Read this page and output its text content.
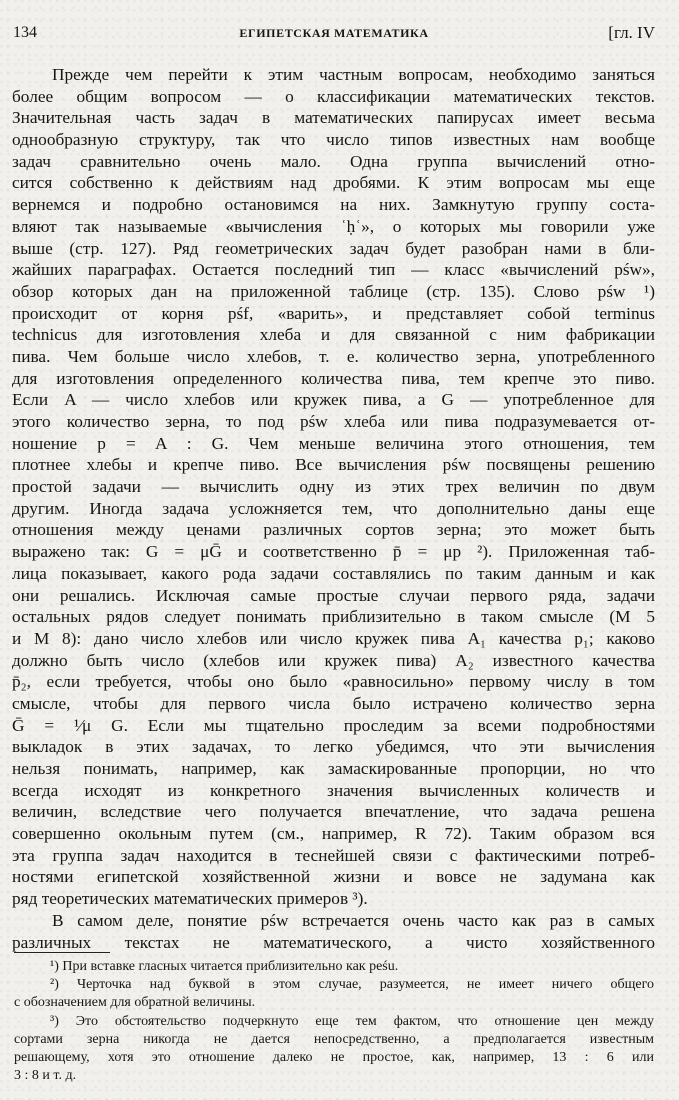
134	ЕГИПЕТСКАЯ МАТЕМАТИКА	[гл. IV
Прежде чем перейти к этим частным вопросам, необходимо заняться
более общим вопросом — о классификации математических текстов.
Значительная часть задач в математических папирусах имеет весьма
однообразную структуру, так что число типов известных нам вообще
задач сравнительно очень мало. Одна группа вычислений отно-
сится собственно к действиям над дробями. К этим вопросам мы еще
вернемся и подробно остановимся на них. Замкнутую группу соста-
вляют так называемые «вычисления ʿḥʿ», о которых мы говорили уже
выше (стр. 127). Ряд геометрических задач будет разобран нами в бли-
жайших параграфах. Остается последний тип — класс «вычислений pśw»,
обзор которых дан на приложенной таблице (стр. 135). Слово pśw ¹)
происходит от корня pśf, «варить», и представляет собой terminus
technicus для изготовления хлеба и для связанной с ним фабрикации
пива. Чем больше число хлебов, т. е. количество зерна, употребленного
для изготовления определенного количества пива, тем крепче это пиво.
Если A — число хлебов или кружек пива, а G — употребленное для
этого количество зерна, то под pśw хлеба или пива подразумевается от-
ношение p = A : G. Чем меньше величина этого отношения, тем
плотнее хлебы и крепче пиво. Все вычисления pśw посвящены решению
простой задачи — вычислить одну из этих трех величин по двум
другим. Иногда задача усложняется тем, что дополнительно даны еще
отношения между ценами различных сортов зерна; это может быть
выражено так: G = μḠ и соответственно p̄ = μp ²). Приложенная таб-
лица показывает, какого рода задачи составлялись по таким данным и как
они решались. Исключая самые простые случаи первого ряда, задачи
остальных рядов следует понимать приблизительно в таком смысле (M 5
и M 8): дано число хлебов или число кружек пива A₁ качества p₁; каково
должно быть число (хлебов или кружек пива) A₂ известного качества
p̄₂, если требуется, чтобы оно было «равносильно» первому числу в том
смысле, чтобы для первого числа было истрачено количество зерна
Ḡ = ¹⁄μ G. Если мы тщательно проследим за всеми подробностями
выкладок в этих задачах, то легко убедимся, что эти вычисления
нельзя понимать, например, как замаскированные пропорции, но что
всегда исходят из конкретного значения вычисленных количеств и
величин, вследствие чего получается впечатление, что задача решена
совершенно окольным путем (см., например, R 72). Таким образом вся
эта группа задач находится в теснейшей связи с фактическими потреб-
ностями египетской хозяйственной жизни и вовсе не задумана как
ряд теоретических математических примеров ³).
В самом деле, понятие pśw встречается очень часто как раз в самых
различных текстах не математического, а чисто хозяйственного
¹) При вставке гласных читается приблизительно как peśu.
²) Черточка над буквой в этом случае, разумеется, не имеет ничего общего
с обозначением для обратной величины.
³) Это обстоятельство подчеркнуто еще тем фактом, что отношение цен между
сортами зерна никогда не дается непосредственно, а предполагается известным
решающему, хотя это отношение далеко не простое, как, например, 13 : 6 или
3 : 8 и т. д.
